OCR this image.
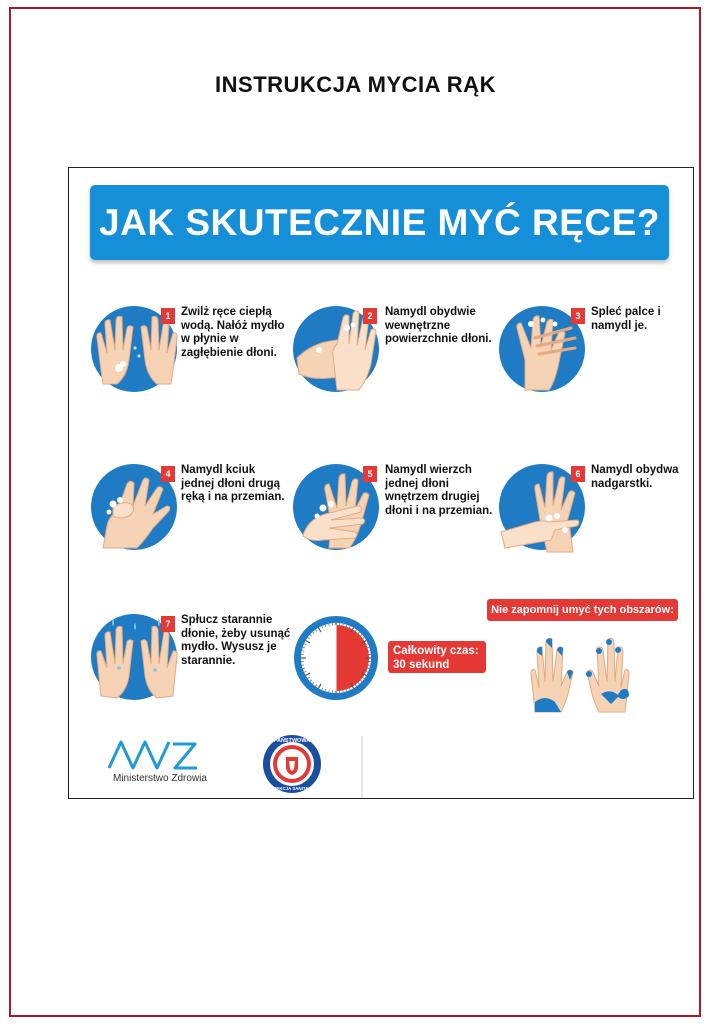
INSTRUKCJA MYCIA RĄK
JAK SKUTECZNIE MYĆ RĘCE?
1 Zwilż ręce ciepłą wodą. Nałóż mydło w płynie w zagłębienie dłoni.
2	Namydl obydwie wewnętrzne powierzchnie dłoni.
3 Spleć palce i namydl je.
4 Namydl kciuk jednej dłoni drugą ręką i na przemian.
5	Namydl wierzch jednej dłoni wnętrzem drugiej dłoni i na przemian.
6 Namydl obydwa nadgarstki.
7 Spłucz starannie dłonie, żeby usunąć mydło. Wysusz je starannie.
Całkowity czas:
30 sekund
Nie zapomnij umyć tych obszarów:
Ministerstwo Zdrowia
PAŃSTWOWA
INSPEKCJA SANITARNA
